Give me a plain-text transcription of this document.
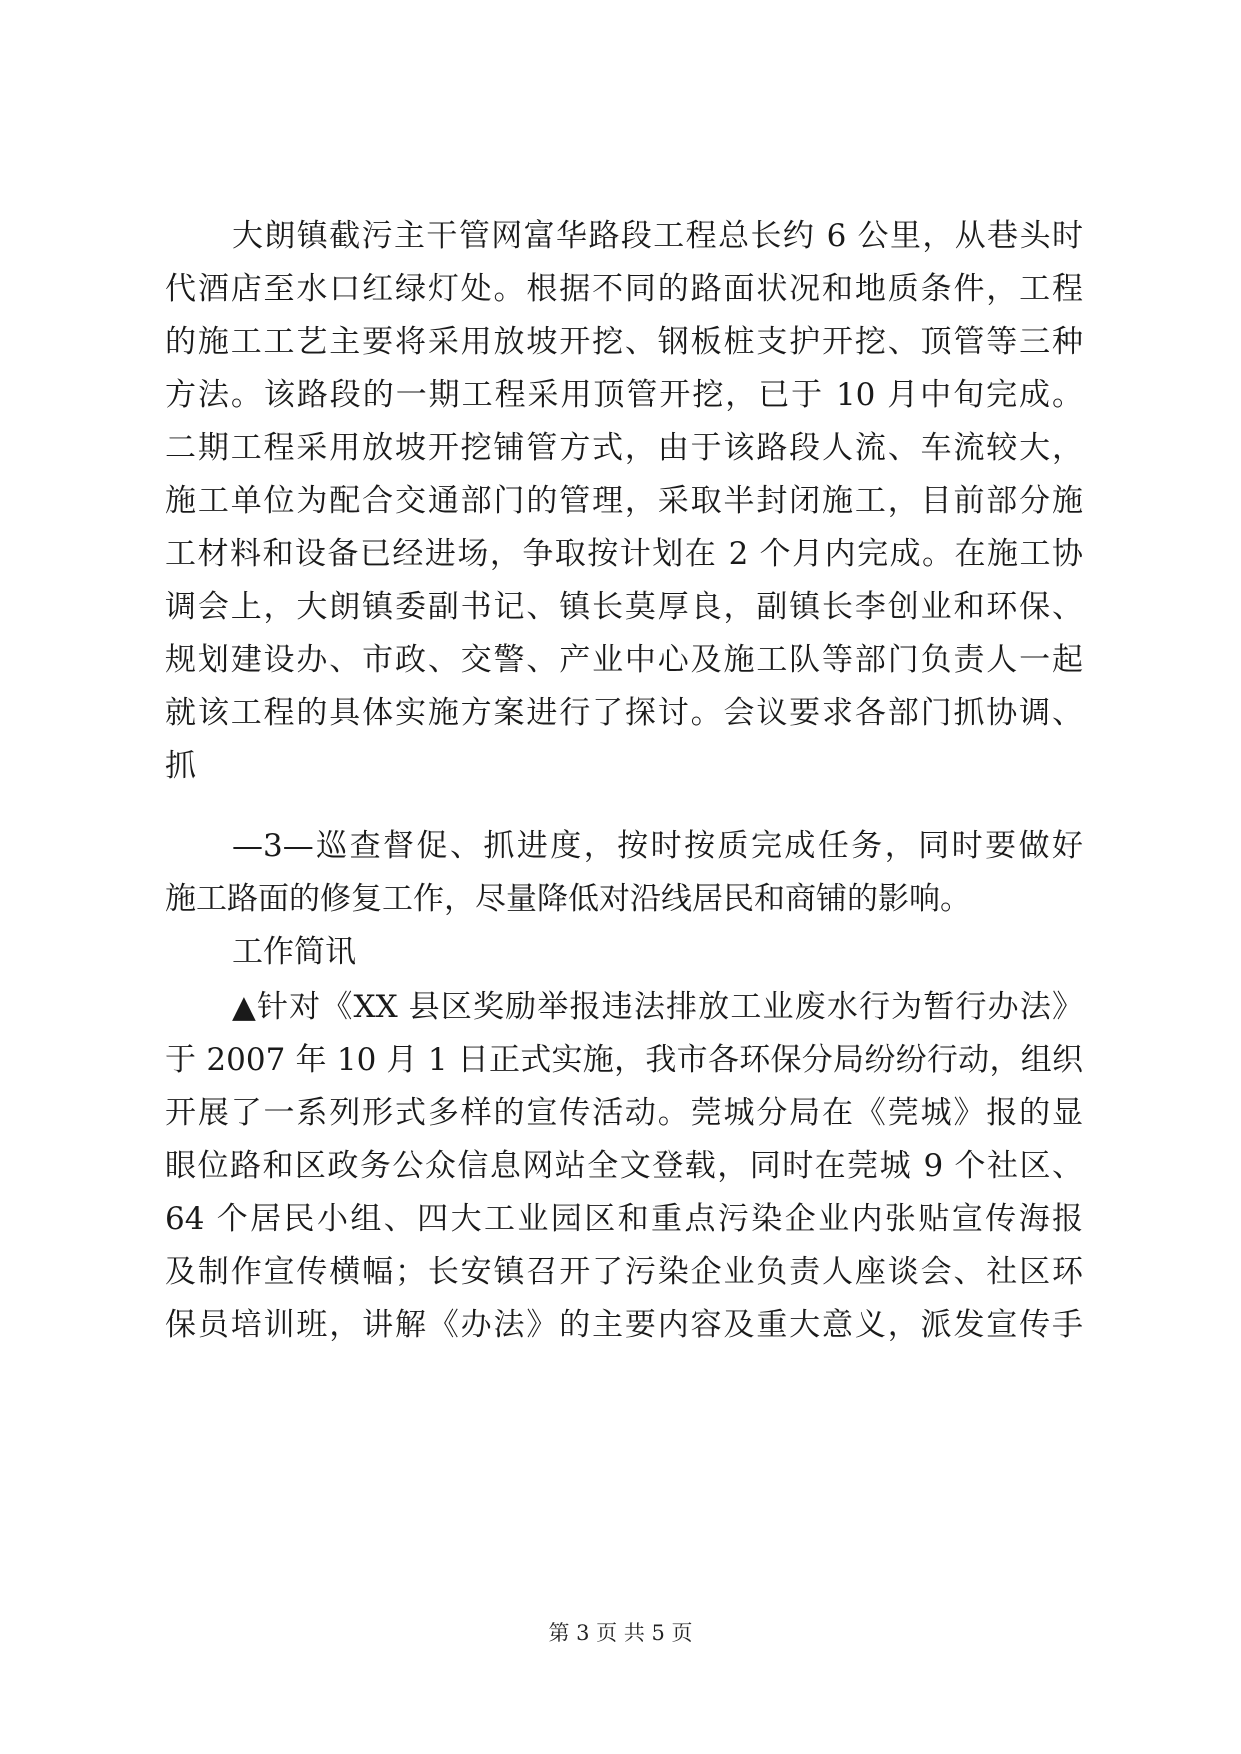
大朗镇截污主干管网富华路段工程总长约 6 公里，从巷头时
代酒店至水口红绿灯处。根据不同的路面状况和地质条件，工程
的施工工艺主要将采用放坡开挖、钢板桩支护开挖、顶管等三种
方法。该路段的一期工程采用顶管开挖，已于 10 月中旬完成。
二期工程采用放坡开挖铺管方式，由于该路段人流、车流较大，
施工单位为配合交通部门的管理，采取半封闭施工，目前部分施
工材料和设备已经进场，争取按计划在 2 个月内完成。在施工协
调会上，大朗镇委副书记、镇长莫厚良，副镇长李创业和环保、
规划建设办、市政、交警、产业中心及施工队等部门负责人一起
就该工程的具体实施方案进行了探讨。会议要求各部门抓协调、
抓
—3—巡查督促、抓进度，按时按质完成任务，同时要做好
施工路面的修复工作，尽量降低对沿线居民和商铺的影响。
工作简讯
▲针对《XX 县区奖励举报违法排放工业废水行为暂行办法》
于 2007 年 10 月 1 日正式实施，我市各环保分局纷纷行动，组织
开展了一系列形式多样的宣传活动。莞城分局在《莞城》报的显
眼位路和区政务公众信息网站全文登载，同时在莞城 9 个社区、
64 个居民小组、四大工业园区和重点污染企业内张贴宣传海报
及制作宣传横幅；长安镇召开了污染企业负责人座谈会、社区环
保员培训班，讲解《办法》的主要内容及重大意义，派发宣传手
第 3 页 共 5 页
